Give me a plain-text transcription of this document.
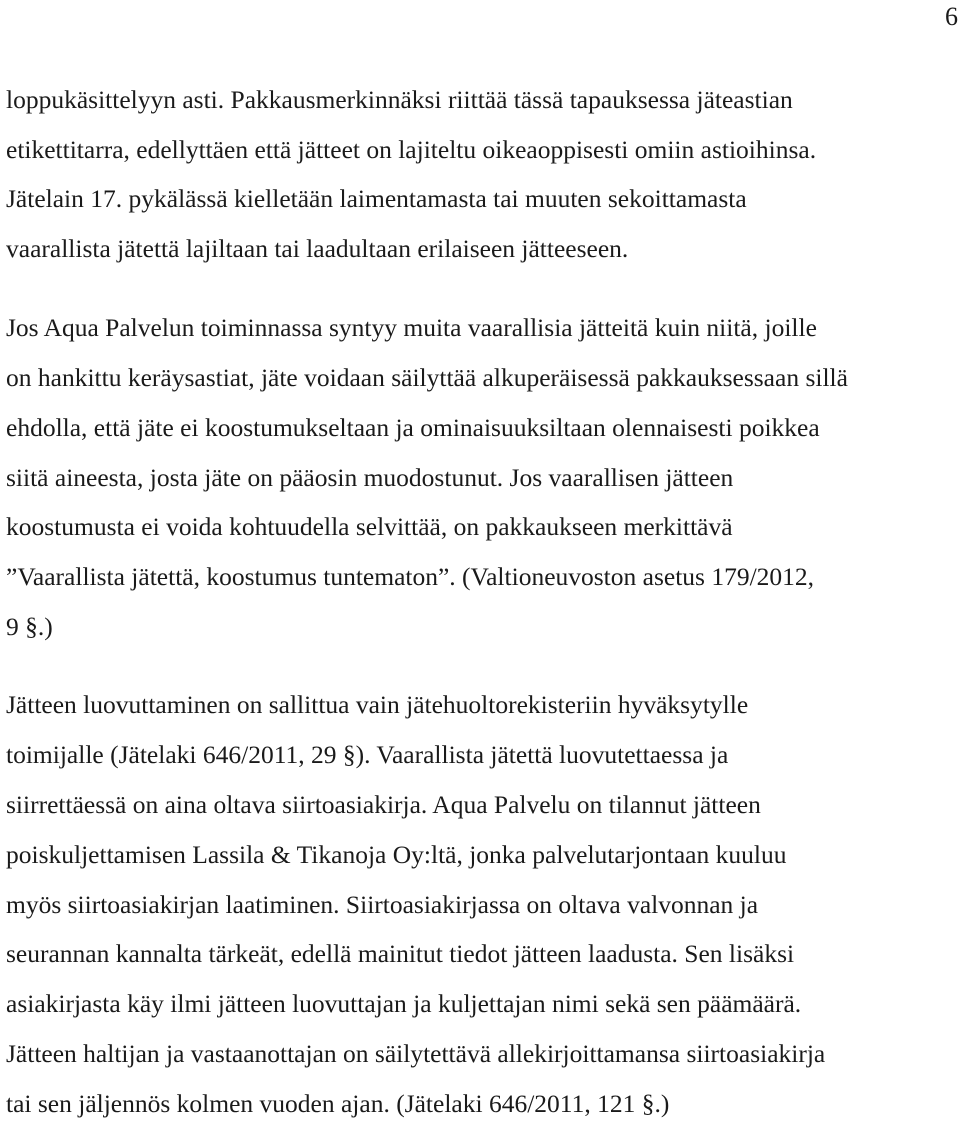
6
loppukäsittelyyn asti. Pakkausmerkinnäksi riittää tässä tapauksessa jäteastian
etikettitarra, edellyttäen että jätteet on lajiteltu oikeaoppisesti omiin astioihinsa.
Jätelain 17. pykälässä kielletään laimentamasta tai muuten sekoittamasta
vaarallista jätettä lajiltaan tai laadultaan erilaiseen jätteeseen.
Jos Aqua Palvelun toiminnassa syntyy muita vaarallisia jätteitä kuin niitä, joille
on hankittu keräysastiat, jäte voidaan säilyttää alkuperäisessä pakkauksessaan sillä
ehdolla, että jäte ei koostumukseltaan ja ominaisuuksiltaan olennaisesti poikkea
siitä aineesta, josta jäte on pääosin muodostunut. Jos vaarallisen jätteen
koostumusta ei voida kohtuudella selvittää, on pakkaukseen merkittävä
”Vaarallista jätettä, koostumus tuntematon”. (Valtioneuvoston asetus 179/2012,
9 §.)
Jätteen luovuttaminen on sallittua vain jätehuoltorekisteriin hyväksytylle
toimijalle (Jätelaki 646/2011, 29 §). Vaarallista jätettä luovutettaessa ja
siirrettäessä on aina oltava siirtoasiakirja. Aqua Palvelu on tilannut jätteen
poiskuljettamisen Lassila & Tikanoja Oy:ltä, jonka palvelutarjontaan kuuluu
myös siirtoasiakirjan laatiminen. Siirtoasiakirjassa on oltava valvonnan ja
seurannan kannalta tärkeät, edellä mainitut tiedot jätteen laadusta. Sen lisäksi
asiakirjasta käy ilmi jätteen luovuttajan ja kuljettajan nimi sekä sen päämäärä.
Jätteen haltijan ja vastaanottajan on säilytettävä allekirjoittamansa siirtoasiakirja
tai sen jäljennös kolmen vuoden ajan. (Jätelaki 646/2011, 121 §.)
